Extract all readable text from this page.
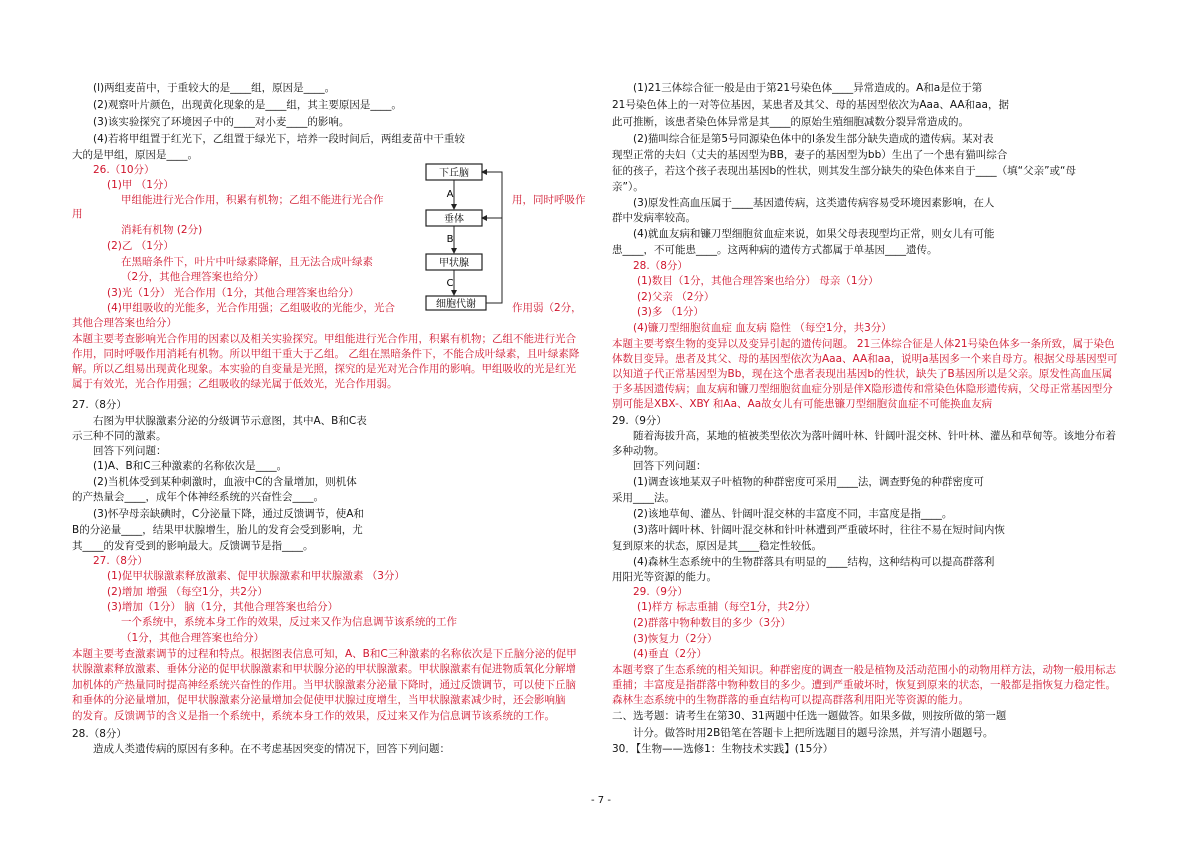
(l)两组麦苗中，于重较大的是____组，原因是____。
(2)观察叶片颜色，出现黄化现象的是____组，其主要原因是____。
(3)该实验探究了环境因子中的____对小麦____的影响。
(4)若将甲组置于红光下，乙组置于绿光下，培养一段时间后，两组麦苗中干重较
大的是甲组，原因是____。
26.（10分）
(1)甲 （1分）
甲组能进行光合作用，积累有机物；乙组不能进行光合作	用，同时呼吸作
用
消耗有机物 (2分)
(2)乙 （1分）
在黑暗条件下，叶片中叶绿素降解，且无法合成叶绿素
（2分，其他合理答案也给分）
(3)光（1分） 光合作用（1分，其他合理答案也给分）
(4)甲组吸收的光能多，光合作用强；乙组吸收的光能少，光合	作用弱（2分，
其他合理答案也给分）
本题主要考查影响光合作用的因素以及相关实验探究。甲组能进行光合作用，积累有机物；乙组不能进行光合
作用，同时呼吸作用消耗有机物。所以甲组干重大于乙组。 乙组在黑暗条件下，不能合成叶绿素，且叶绿素降
解。所以乙组易出现黄化现象。本实验的自变量是光照，探究的是光对光合作用的影响。甲组吸收的光是红光
属于有效光，光合作用强；乙组吸收的绿光属于低效光，光合作用弱。
27.（8分）
右图为甲状腺激素分泌的分级调节示意图，其中A、B和C表
示三种不同的激素。
回答下列问题：
(1)A、B和C三种激素的名称依次是____。
(2)当机体受到某种刺激时，血液中C的含量增加，则机体
的产热量会____，成年个体神经系统的兴奋性会____。
(3)怀孕母亲缺碘时，C分泌量下降，通过反馈调节，使A和
B的分泌量____，结果甲状腺增生，胎儿的发育会受到影响，尤
其____的发育受到的影响最大。反馈调节是指____。
27.（8分）
(1)促甲状腺激素释放激素、促甲状腺激素和甲状腺激素 （3分）
(2)增加 增强 （每空1分，共2分）
(3)增加（1分） 脑（1分，其他合理答案也给分）
一个系统中，系统本身工作的效果，反过来又作为信息调节该系统的工作
（1分，其他合理答案也给分）
本题主要考查激素调节的过程和特点。根据图表信息可知，A、B和C三种激素的名称依次是下丘脑分泌的促甲
状腺激素释放激素、垂体分泌的促甲状腺激素和甲状腺分泌的甲状腺激素。甲状腺激素有促进物质氧化分解增
加机体的产热量同时提高神经系统兴奋性的作用。当甲状腺激素分泌量下降时，通过反馈调节，可以使下丘脑
和垂体的分泌量增加，促甲状腺激素分泌量增加会促使甲状腺过度增生，当甲状腺激素减少时，还会影响脑
的发育。反馈调节的含义是指一个系统中，系统本身工作的效果，反过来又作为信息调节该系统的工作。
28.（8分）
造成人类遗传病的原因有多种。在不考虑基因突变的情况下，回答下列问题：
(1)21三体综合征一般是由于第21号染色体____异常造成的。A和a是位于第
21号染色体上的一对等位基因，某患者及其父、母的基因型依次为Aaa、AA和aa，据
此可推断，该患者染色体异常是其____的原始生殖细胞减数分裂异常造成的。
(2)猫叫综合征是第5号同源染色体中的l条发生部分缺失造成的遗传病。某对表
现型正常的夫妇（丈夫的基因型为BB，妻子的基因型为bb）生出了一个患有猫叫综合
征的孩子，若这个孩子表现出基因b的性状，则其发生部分缺失的染色体来自于____（填“父亲”或“母
亲”）。
(3)原发性高血压属于____基因遗传病，这类遗传病容易受环境因素影响，在人
群中发病率较高。
(4)就血友病和镰刀型细胞贫血症来说，如果父母表现型均正常，则女儿有可能
患____，不可能患____。这两种病的遗传方式都属于单基因____遗传。
28.（8分）
(1)数目（1分，其他合理答案也给分） 母亲（1分）
(2)父亲 （2分）
(3)多 （1分）
(4)镰刀型细胞贫血症 血友病 隐性 （每空1分，共3分）
本题主要考察生物的变异以及变异引起的遗传问题。 21三体综合征是人体21号染色体多一条所致，属于染色
体数目变异。患者及其父、母的基因型依次为Aaa、AA和aa，说明a基因多一个来自母方。根据父母基因型可
以知道子代正常基因型为Bb，现在这个患者表现出基因b的性状，缺失了B基因所以是父亲。原发性高血压属
于多基因遗传病；血友病和镰刀型细胞贫血症分别是伴X隐形遗传和常染色体隐形遗传病，父母正常基因型分
别可能是XBX-、XBY 和Aa、Aa故女儿有可能患镰刀型细胞贫血症不可能换血友病
29.（9分）
随着海拔升高，某地的植被类型依次为落叶阔叶林、针阔叶混交林、针叶林、灌丛和草甸等。该地分布着
多种动物。
回答下列问题：
(1)调查该地某双子叶植物的种群密度可采用____法，调查野兔的种群密度可
采用____法。
(2)该地草甸、灌丛、针阔叶混交林的丰富度不同，丰富度是指____。
(3)落叶阔叶林、针阔叶混交林和针叶林遭到严重破坏时，往往不易在短时间内恢
复到原来的状态，原因是其____稳定性较低。
(4)森林生态系统中的生物群落具有明显的____结构，这种结构可以提高群落利
用阳光等资源的能力。
29.（9分）
(1)样方 标志重捕（每空1分，共2分）
(2)群落中物种数目的多少（3分）
(3)恢复力（2分）
(4)垂直（2分）
本题考察了生态系统的相关知识。种群密度的调查一般是植物及活动范围小的动物用样方法，动物一般用标志
重捕；丰富度是指群落中物种数目的多少。遭到严重破坏时，恢复到原来的状态，一般都是指恢复力稳定性。
森林生态系统中的生物群落的垂直结构可以提高群落利用阳光等资源的能力。
二、选考题：请考生在第30、31两题中任选一题做答。如果多做，则按所做的第一题
计分。做答时用2B铅笔在答题卡上把所选题目的题号涂黑，并写清小题题号。
30．【生物——选修1：生物技术实践】(15分）
下丘脑
A
垂体
B
甲状腺
C
细胞代谢
- 7 -
